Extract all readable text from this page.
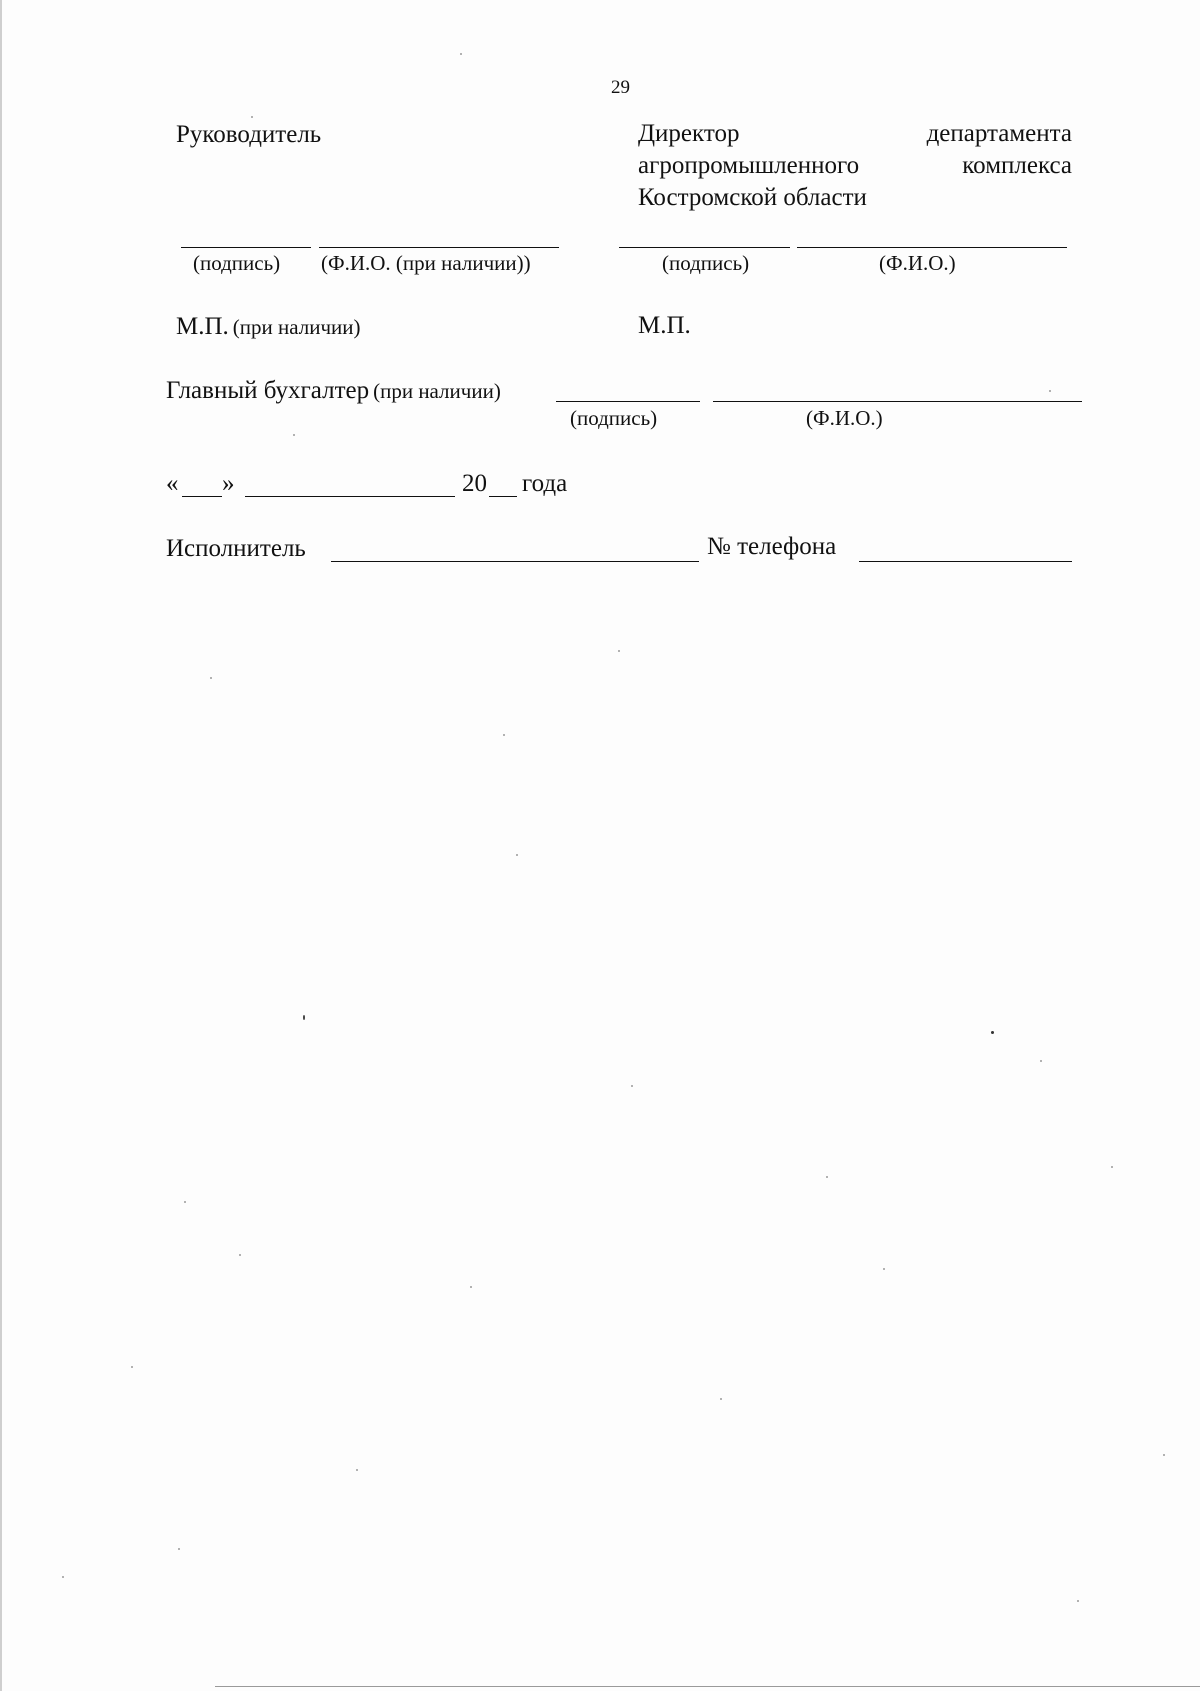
29
Руководитель	Директор	департамента
агропромышленного	комплекса
Костромской области
(подпись) (Ф.И.О. (при наличии))	(подпись)	(Ф.И.О.)
М.П. (при наличии)	М.П.
Главный бухгалтер (при наличии)
(подпись)	(Ф.И.О.)
« »	20 года
Исполнитель	№ телефона
